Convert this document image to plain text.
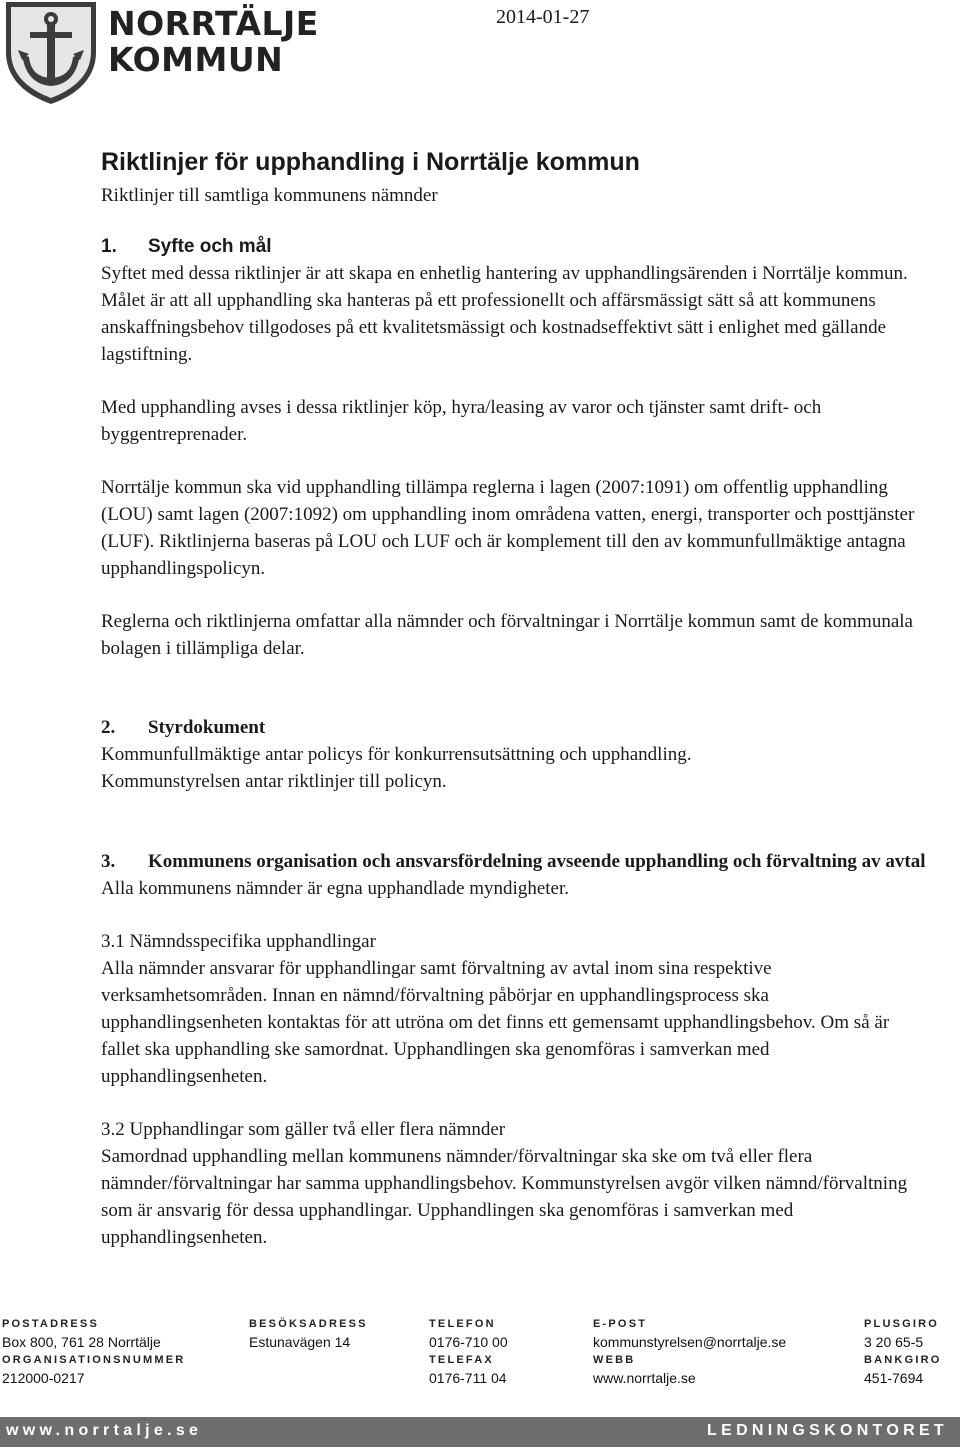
NORRTÄLJE
KOMMUN
2014-01-27
Riktlinjer för upphandling i Norrtälje kommun

Riktlinjer till samtliga kommunens nämnder

1. Syfte och mål

Syftet med dessa riktlinjer är att skapa en enhetlig hantering av upphandlingsärenden i Norrtälje kommun. Målet är att all upphandling ska hanteras på ett professionellt och affärsmässigt sätt så att kommunens anskaffningsbehov tillgodoses på ett kvalitetsmässigt och kostnadseffektivt sätt i enlighet med gällande lagstiftning.

Med upphandling avses i dessa riktlinjer köp, hyra/leasing av varor och tjänster samt drift- och byggentreprenader.

Norrtälje kommun ska vid upphandling tillämpa reglerna i lagen (2007:1091) om offentlig upphandling (LOU) samt lagen (2007:1092) om upphandling inom områdena vatten, energi, transporter och posttjänster (LUF). Riktlinjerna baseras på LOU och LUF och är komplement till den av kommunfullmäktige antagna upphandlingspolicyn.

Reglerna och riktlinjerna omfattar alla nämnder och förvaltningar i Norrtälje kommun samt de kommunala bolagen i tillämpliga delar.

2. Styrdokument

Kommunfullmäktige antar policys för konkurrensutsättning och upphandling.

Kommunstyrelsen antar riktlinjer till policyn.

3. Kommunens organisation och ansvarsfördelning avseende upphandling och förvaltning av avtal

Alla kommunens nämnder är egna upphandlade myndigheter.

3.1 Nämndsspecifika upphandlingar

Alla nämnder ansvarar för upphandlingar samt förvaltning av avtal inom sina respektive verksamhetsområden. Innan en nämnd/förvaltning påbörjar en upphandlingsprocess ska upphandlingsenheten kontaktas för att utröna om det finns ett gemensamt upphandlingsbehov. Om så är fallet ska upphandling ske samordnat. Upphandlingen ska genomföras i samverkan med upphandlingsenheten.

3.2 Upphandlingar som gäller två eller flera nämnder

Samordnad upphandling mellan kommunens nämnder/förvaltningar ska ske om två eller flera nämnder/förvaltningar har samma upphandlingsbehov. Kommunstyrelsen avgör vilken nämnd/förvaltning som är ansvarig för dessa upphandlingar. Upphandlingen ska genomföras i samverkan med upphandlingsenheten.

POSTADRESS
Box 800, 761 28 Norrtälje
BESÖKSADRESS
Estunavägen 14
TELEFON
0176-710 00
E-POST
kommunstyrelsen@norrtalje.se
PLUSGIRO
3 20 65-5
ORGANISATIONSNUMMER
212000-0217
TELEFAX
0176-711 04
WEBB
www.norrtalje.se
BANKGIRO
451-7694
www.norrtalje.se	LEDNINGSKONTORET
